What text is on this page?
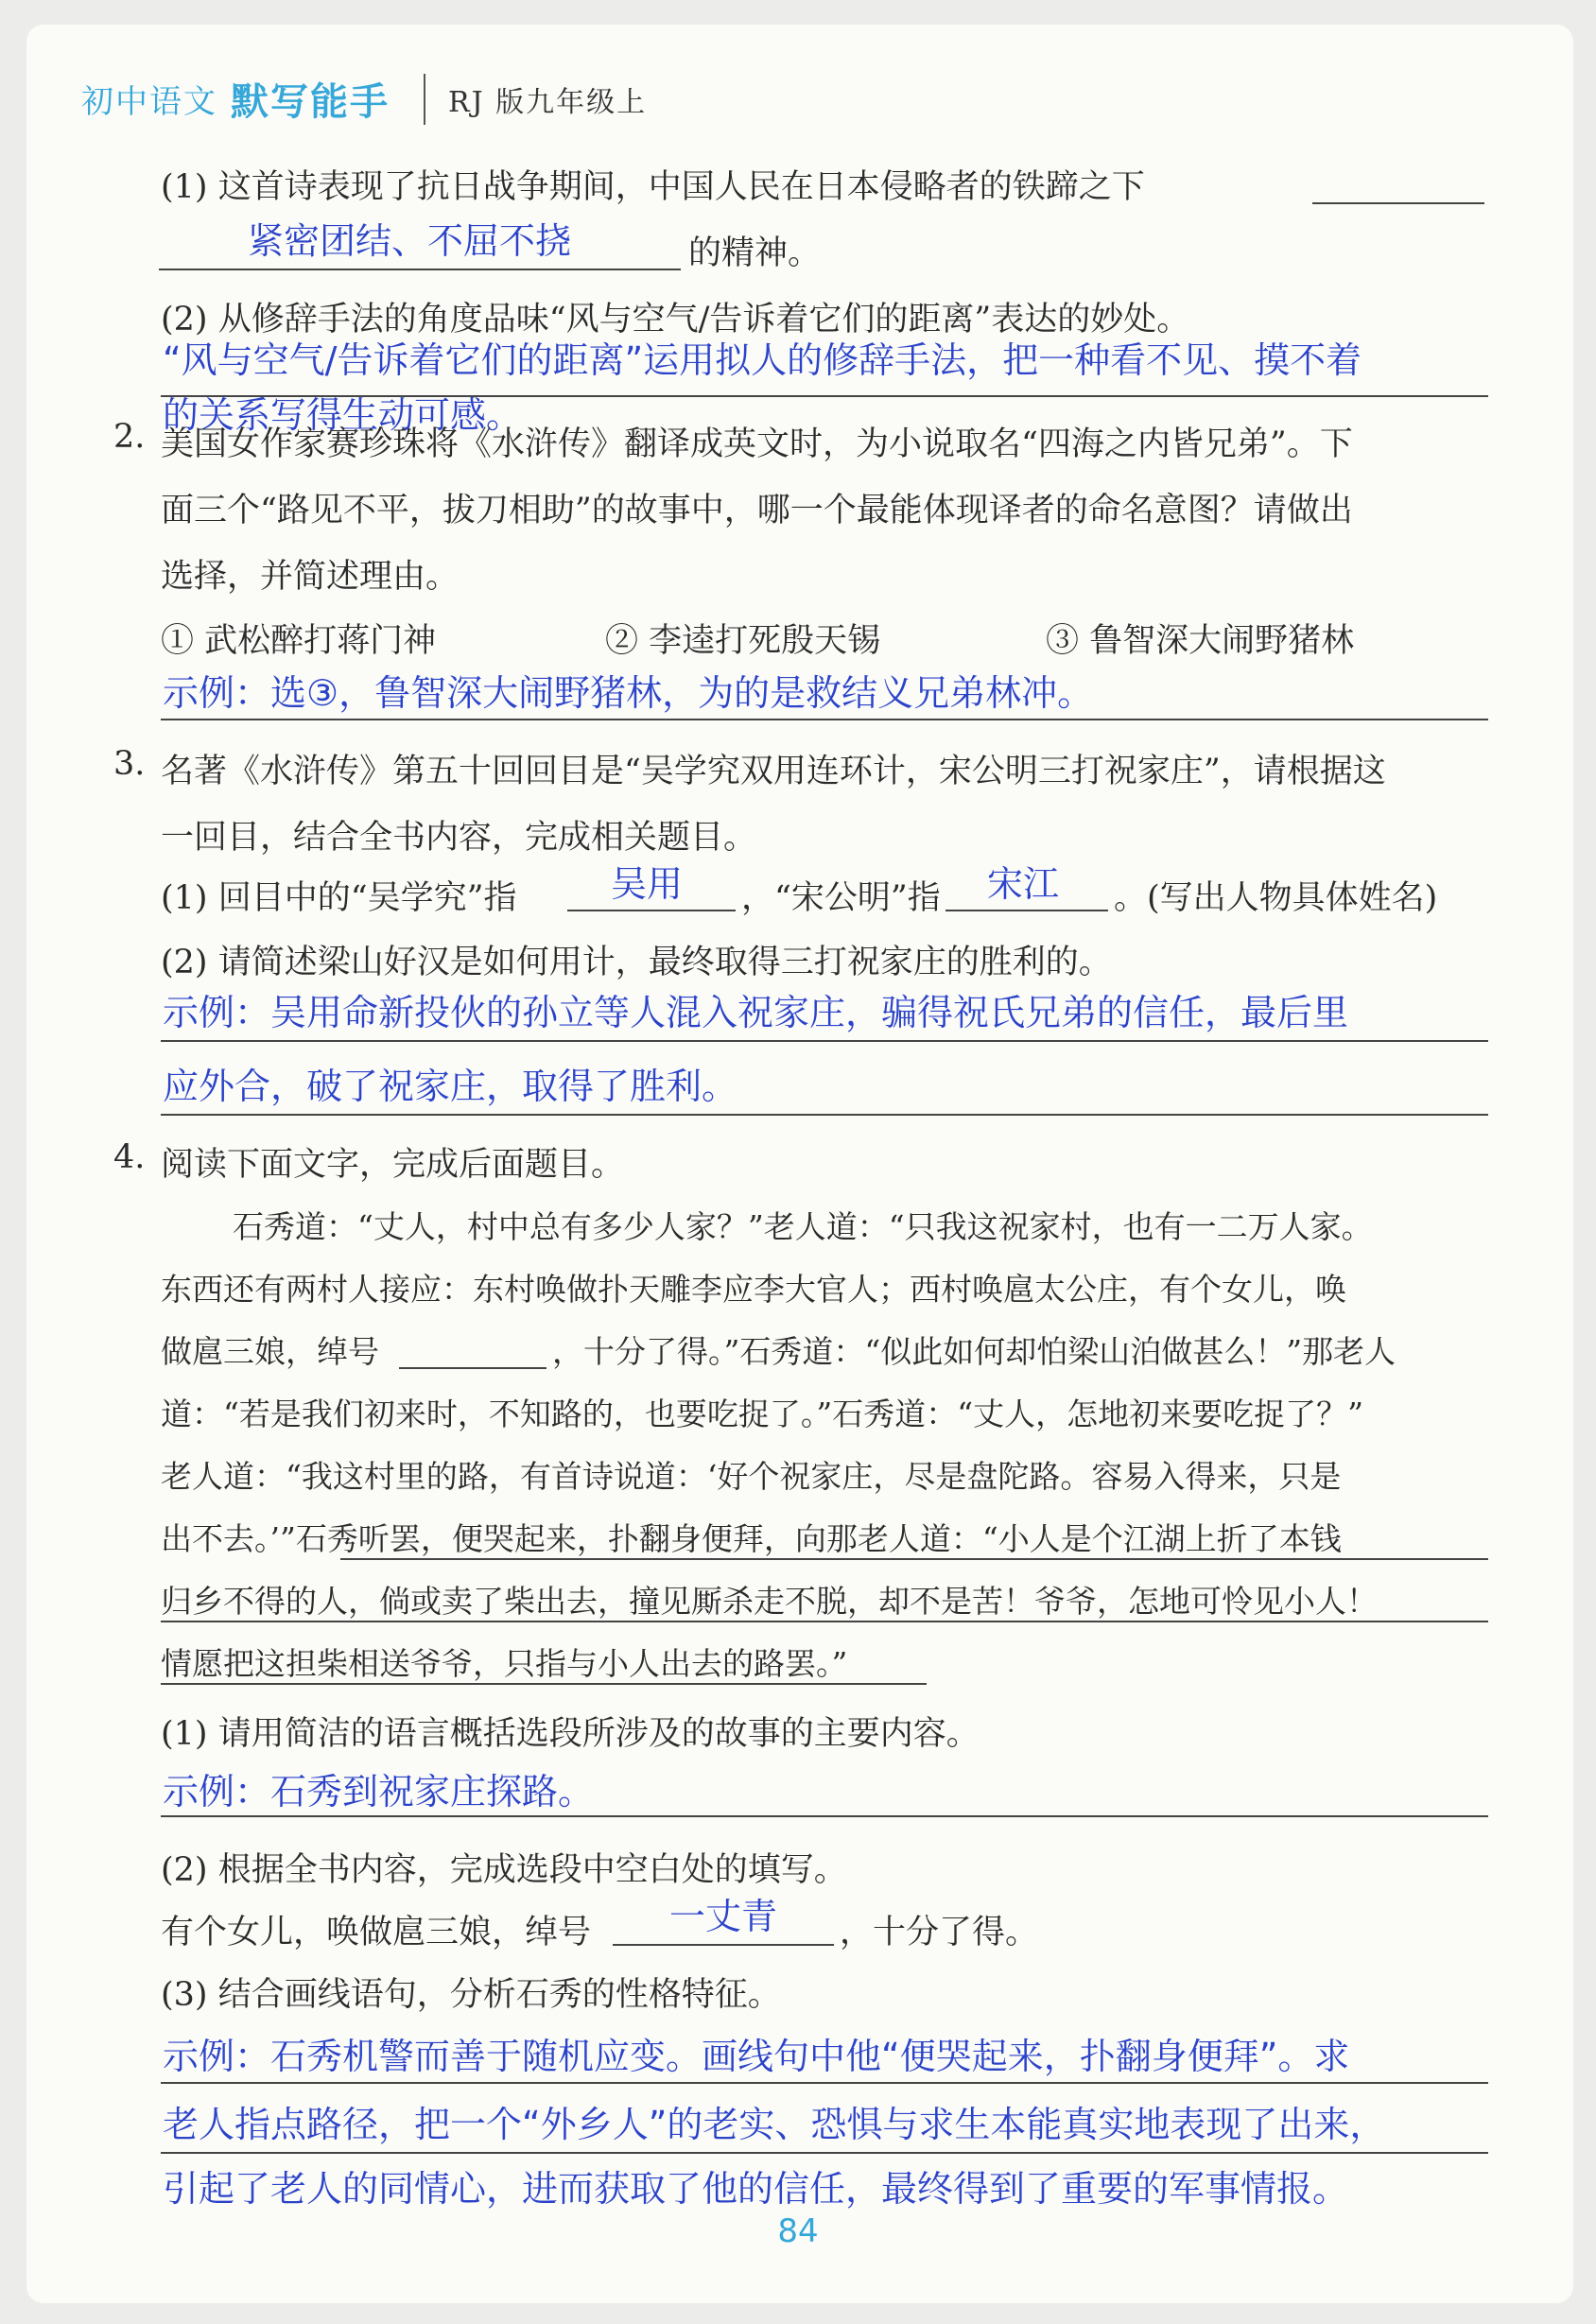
初中语文 默写能手 RJ 版九年级上
(1) 这首诗表现了抗日战争期间，中国人民在日本侵略者的铁蹄之下
紧密团结、不屈不挠	的精神。
(2) 从修辞手法的角度品味“风与空气/告诉着它们的距离”表达的妙处。
“风与空气/告诉着它们的距离”运用拟人的修辞手法，把一种看不见、摸不着
的关系写得生动可感。
2. 美国女作家赛珍珠将《水浒传》翻译成英文时，为小说取名“四海之内皆兄弟”。下
面三个“路见不平，拔刀相助”的故事中，哪一个最能体现译者的命名意图？请做出
选择，并简述理由。
① 武松醉打蒋门神	② 李逵打死殷天锡	③ 鲁智深大闹野猪林
示例：选③，鲁智深大闹野猪林，为的是救结义兄弟林冲。
3. 名著《水浒传》第五十回回目是“吴学究双用连环计，宋公明三打祝家庄”，请根据这
一回目，结合全书内容，完成相关题目。
(1) 回目中的“吴学究”指	吴用 ，“宋公明”指 宋江 。(写出人物具体姓名)
(2) 请简述梁山好汉是如何用计，最终取得三打祝家庄的胜利的。
示例：吴用命新投伙的孙立等人混入祝家庄，骗得祝氏兄弟的信任，最后里
应外合，破了祝家庄，取得了胜利。
4. 阅读下面文字，完成后面题目。
石秀道：“丈人，村中总有多少人家？”老人道：“只我这祝家村，也有一二万人家。
东西还有两村人接应：东村唤做扑天雕李应李大官人；西村唤扈太公庄，有个女儿，唤
做扈三娘，绰号	，十分了得。”石秀道：“似此如何却怕梁山泊做甚么！”那老人
道：“若是我们初来时，不知路的，也要吃捉了。”石秀道：“丈人，怎地初来要吃捉了？”
老人道：“我这村里的路，有首诗说道：‘好个祝家庄，尽是盘陀路。容易入得来，只是
出不去。’”石秀听罢，便哭起来，扑翻身便拜，向那老人道：“小人是个江湖上折了本钱
归乡不得的人，倘或卖了柴出去，撞见厮杀走不脱，却不是苦！爷爷，怎地可怜见小人！
情愿把这担柴相送爷爷，只指与小人出去的路罢。”
(1) 请用简洁的语言概括选段所涉及的故事的主要内容。
示例：石秀到祝家庄探路。
(2) 根据全书内容，完成选段中空白处的填写。
有个女儿，唤做扈三娘，绰号 一丈青 ，十分了得。
(3) 结合画线语句，分析石秀的性格特征。
示例：石秀机警而善于随机应变。画线句中他“便哭起来，扑翻身便拜”。求
老人指点路径，把一个“外乡人”的老实、恐惧与求生本能真实地表现了出来，
引起了老人的同情心，进而获取了他的信任，最终得到了重要的军事情报。
84
